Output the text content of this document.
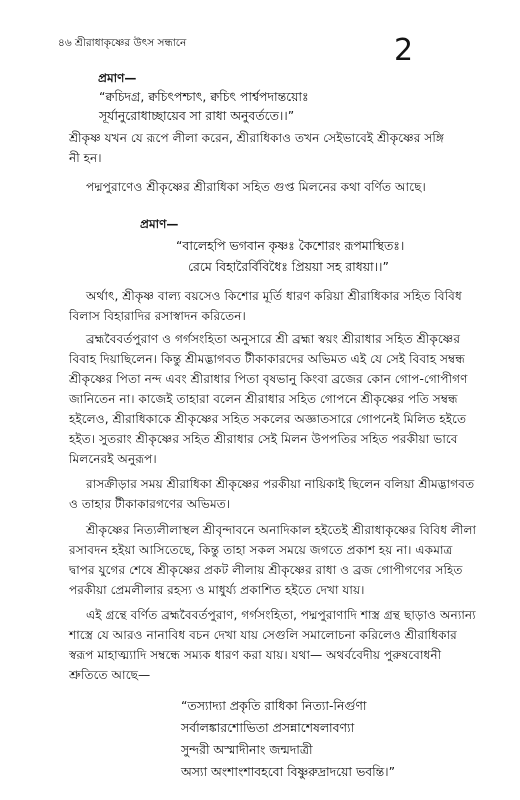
৪৬ শ্রীরাধাকৃষ্ণের উৎস সন্ধানে	2
প্রমাণ—
“ক্বচিদগ্র, ক্বচিৎপশ্চাৎ, ক্বচিৎ পার্শ্বপদান্তয়োঃ
সূর্যানুরোধাচ্ছায়েব সা রাধা অনুবর্ততে।।”
শ্রীকৃষ্ণ যখন যে রূপে লীলা করেন, শ্রীরাধিকাও তখন সেইভাবেই শ্রীকৃষ্ণের সঙ্গি
নী হন।
পদ্মপুরাণেও শ্রীকৃষ্ণের শ্রীরাধিকা সহিত গুপ্ত মিলনের কথা বর্ণিত আছে।
প্রমাণ—
“বালেহপি ভগবান কৃষ্ণঃ কৈশোরং রূপমাস্থিতঃ।
রেমে বিহারৈর্বিবিধৈঃ প্রিয়য়া সহ রাধয়া।।”
অর্থাৎ, শ্রীকৃষ্ণ বাল্য বয়সেও কিশোর মূর্তি ধারণ করিয়া শ্রীরাধিকার সহিত বিবিধ
বিলাস বিহারাদির রসাস্বাদন করিতেন।
ব্রহ্মবৈবর্তপুরাণ ও গর্গসংহিতা অনুসারে শ্রী ব্রহ্মা স্বয়ং শ্রীরাধার সহিত শ্রীকৃষ্ণের
বিবাহ দিয়াছিলেন। কিন্তু শ্রীমদ্ভাগবত টীকাকারদের অভিমত এই যে সেই বিবাহ সম্বন্ধ
শ্রীকৃষ্ণের পিতা নন্দ এবং শ্রীরাধার পিতা বৃষভানু কিংবা ব্রজের কোন গোপ-গোপীগণ
জানিতেন না। কাজেই তাহারা বলেন শ্রীরাধার সহিত গোপনে শ্রীকৃষ্ণের পতি সম্বন্ধ
হইলেও, শ্রীরাধিকাকে শ্রীকৃষ্ণের সহিত সকলের অজ্ঞাতসারে গোপনেই মিলিত হইতে
হইত। সুতরাং শ্রীকৃষ্ণের সহিত শ্রীরাধার সেই মিলন উপপতির সহিত পরকীয়া ভাবে
মিলনেরই অনুরূপ।
রাসক্রীড়ার সময় শ্রীরাধিকা শ্রীকৃষ্ণের পরকীয়া নায়িকাই ছিলেন বলিয়া শ্রীমদ্ভাগবত
ও তাহার টীকাকারগণের অভিমত।
শ্রীকৃষ্ণের নিত্যলীলাস্থল শ্রীবৃন্দাবনে অনাদিকাল হইতেই শ্রীরাধাকৃষ্ণের বিবিধ লীলা
রসাবদন হইয়া আসিতেছে, কিন্তু তাহা সকল সময়ে জগতে প্রকাশ হয় না। একমাত্র
দ্বাপর যুগের শেষে শ্রীকৃষ্ণের প্রকট লীলায় শ্রীকৃষ্ণের রাধা ও ব্রজ গোপীগণের সহিত
পরকীয়া প্রেমলীলার রহস্য ও মাধুর্য্য প্রকাশিত হইতে দেখা যায়।
এই গ্রন্থে বর্ণিত ব্রহ্মবৈবর্তপুরাণ, গর্গসংহিতা, পদ্মপুরাণাদি শাস্ত্র গ্রন্থ ছাড়াও অন্যান্য
শাস্ত্রে যে আরও নানাবিধ বচন দেখা যায় সেগুলি সমালোচনা করিলেও শ্রীরাধিকার
স্বরূপ মাহাত্ম্যাদি সম্বন্ধে সম্যক ধারণ করা যায়। যথা— অথর্ববেদীয় পুরুষবোধনী
শ্রুতিতে আছে—
“তস্যাদ্যা প্রকৃতি রাধিকা নিত্যা-নির্গুণা
সর্বালঙ্কারশোভিতা প্রসন্নাশেষলাবণ্যা
সুন্দরী অস্মাদীনাং জন্মদাত্রী
অস্যা অংশাংশাবহবো বিষ্ণুরুদ্রাদয়ো ভবন্তি।”
